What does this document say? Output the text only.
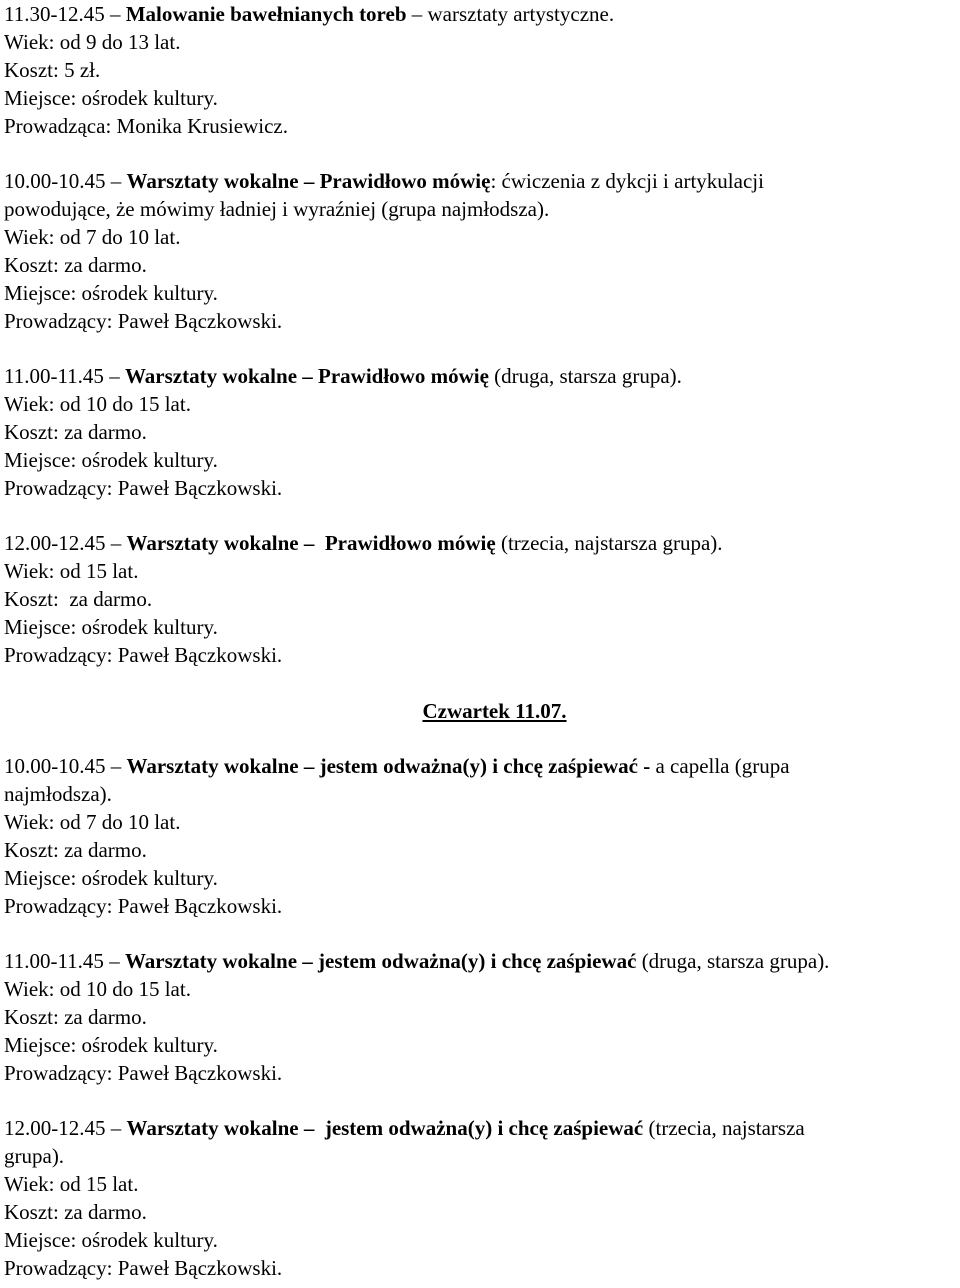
11.30-12.45 – Malowanie bawełnianych toreb – warsztaty artystyczne.
Wiek: od 9 do 13 lat.
Koszt: 5 zł.
Miejsce: ośrodek kultury.
Prowadząca: Monika Krusiewicz.
10.00-10.45 – Warsztaty wokalne – Prawidłowo mówię: ćwiczenia z dykcji i artykulacji
powodujące, że mówimy ładniej i wyraźniej (grupa najmłodsza).
Wiek: od 7 do 10 lat.
Koszt: za darmo.
Miejsce: ośrodek kultury.
Prowadzący: Paweł Bączkowski.
11.00-11.45 – Warsztaty wokalne – Prawidłowo mówię (druga, starsza grupa).
Wiek: od 10 do 15 lat.
Koszt: za darmo.
Miejsce: ośrodek kultury.
Prowadzący: Paweł Bączkowski.
12.00-12.45 – Warsztaty wokalne –  Prawidłowo mówię (trzecia, najstarsza grupa).
Wiek: od 15 lat.
Koszt:  za darmo.
Miejsce: ośrodek kultury.
Prowadzący: Paweł Bączkowski.
Czwartek 11.07.
10.00-10.45 – Warsztaty wokalne – jestem odważna(y) i chcę zaśpiewać - a capella (grupa
najmłodsza).
Wiek: od 7 do 10 lat.
Koszt: za darmo.
Miejsce: ośrodek kultury.
Prowadzący: Paweł Bączkowski.
11.00-11.45 – Warsztaty wokalne – jestem odważna(y) i chcę zaśpiewać (druga, starsza grupa).
Wiek: od 10 do 15 lat.
Koszt: za darmo.
Miejsce: ośrodek kultury.
Prowadzący: Paweł Bączkowski.
12.00-12.45 – Warsztaty wokalne –  jestem odważna(y) i chcę zaśpiewać (trzecia, najstarsza
grupa).
Wiek: od 15 lat.
Koszt: za darmo.
Miejsce: ośrodek kultury.
Prowadzący: Paweł Bączkowski.
